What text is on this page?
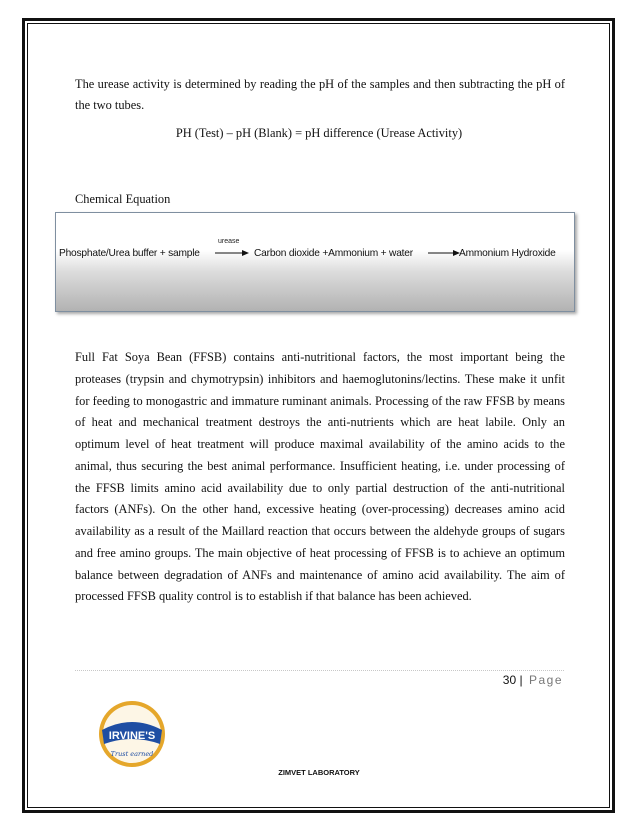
The urease activity is determined by reading the pH of the samples and then subtracting the pH of the two tubes.

PH (Test) – pH (Blank) = pH difference (Urease Activity)

Chemical Equation

Phosphate/Urea buffer + sample
urease
→ Carbon dioxide +Ammonium + water → Ammonium Hydroxide

Full Fat Soya Bean (FFSB) contains anti-nutritional factors, the most important being the proteases (trypsin and chymotrypsin) inhibitors and haemoglutonins/lectins. These make it unfit for feeding to monogastric and immature ruminant animals. Processing of the raw FFSB by means of heat and mechanical treatment destroys the anti-nutrients which are heat labile. Only an optimum level of heat treatment will produce maximal availability of the amino acids to the animal, thus securing the best animal performance. Insufficient heating, i.e. under processing of the FFSB limits amino acid availability due to only partial destruction of the anti-nutritional factors (ANFs). On the other hand, excessive heating (over-processing) decreases amino acid availability as a result of the Maillard reaction that occurs between the aldehyde groups of sugars and free amino groups. The main objective of heat processing of FFSB is to achieve an optimum balance between degradation of ANFs and maintenance of amino acid availability. The aim of processed FFSB quality control is to establish if that balance has been achieved.

30 | Page
IRVINE'S
Trust earned
ZIMVET LABORATORY
